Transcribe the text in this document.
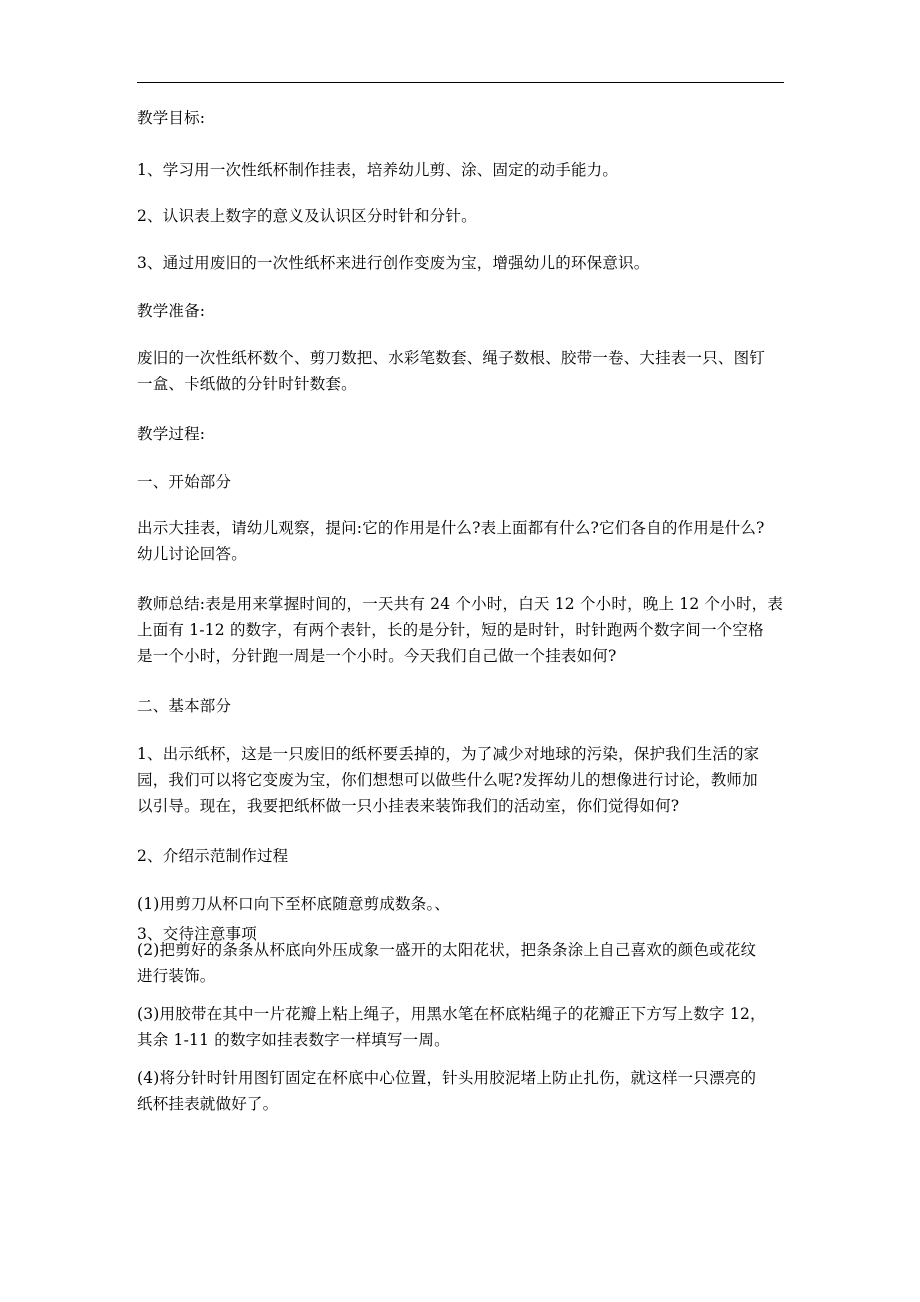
教学目标:
1、学习用一次性纸杯制作挂表，培养幼儿剪、涂、固定的动手能力。
2、认识表上数字的意义及认识区分时针和分针。
3、通过用废旧的一次性纸杯来进行创作变废为宝，增强幼儿的环保意识。
教学准备:
废旧的一次性纸杯数个、剪刀数把、水彩笔数套、绳子数根、胶带一卷、大挂表一只、图钉
一盒、卡纸做的分针时针数套。
教学过程:
一、开始部分
出示大挂表，请幼儿观察，提问:它的作用是什么?表上面都有什么?它们各自的作用是什么?
幼儿讨论回答。
教师总结:表是用来掌握时间的，一天共有 24 个小时，白天 12 个小时，晚上 12 个小时，表
上面有 1-12 的数字，有两个表针，长的是分针，短的是时针，时针跑两个数字间一个空格
是一个小时，分针跑一周是一个小时。今天我们自己做一个挂表如何?
二、基本部分
1、出示纸杯，这是一只废旧的纸杯要丢掉的，为了减少对地球的污染，保护我们生活的家
园，我们可以将它变废为宝，你们想想可以做些什么呢?发挥幼儿的想像进行讨论，教师加
以引导。现在，我要把纸杯做一只小挂表来装饰我们的活动室，你们觉得如何?
2、介绍示范制作过程
(1)用剪刀从杯口向下至杯底随意剪成数条。、
(2)把剪好的条条从杯底向外压成象一盛开的太阳花状，把条条涂上自己喜欢的颜色或花纹
进行装饰。
(3)用胶带在其中一片花瓣上粘上绳子，用黑水笔在杯底粘绳子的花瓣正下方写上数字 12，
其余 1-11 的数字如挂表数字一样填写一周。
(4)将分针时针用图钉固定在杯底中心位置，针头用胶泥堵上防止扎伤，就这样一只漂亮的
纸杯挂表就做好了。
3、交待注意事项
